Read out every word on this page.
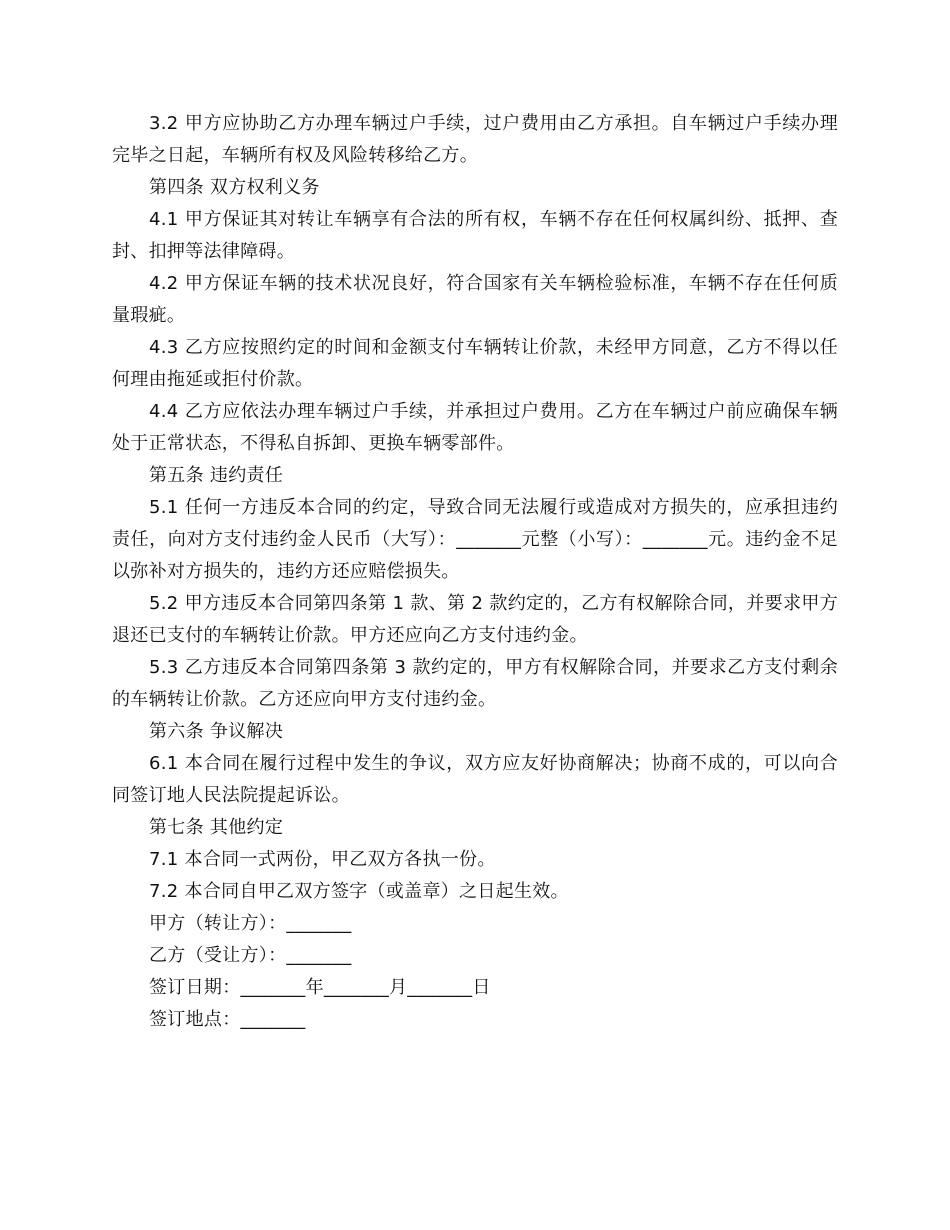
3.2 甲方应协助乙方办理车辆过户手续，过户费用由乙方承担。自车辆过户手续办理完毕之日起，车辆所有权及风险转移给乙方。

第四条 双方权利义务

4.1 甲方保证其对转让车辆享有合法的所有权，车辆不存在任何权属纠纷、抵押、查封、扣押等法律障碍。

4.2 甲方保证车辆的技术状况良好，符合国家有关车辆检验标准，车辆不存在任何质量瑕疵。

4.3 乙方应按照约定的时间和金额支付车辆转让价款，未经甲方同意，乙方不得以任何理由拖延或拒付价款。

4.4 乙方应依法办理车辆过户手续，并承担过户费用。乙方在车辆过户前应确保车辆处于正常状态，不得私自拆卸、更换车辆零部件。

第五条 违约责任

5.1 任何一方违反本合同的约定，导致合同无法履行或造成对方损失的，应承担违约责任，向对方支付违约金人民币（大写）：_______元整（小写）：_______元。违约金不足以弥补对方损失的，违约方还应赔偿损失。

5.2 甲方违反本合同第四条第 1 款、第 2 款约定的，乙方有权解除合同，并要求甲方退还已支付的车辆转让价款。甲方还应向乙方支付违约金。

5.3 乙方违反本合同第四条第 3 款约定的，甲方有权解除合同，并要求乙方支付剩余的车辆转让价款。乙方还应向甲方支付违约金。

第六条 争议解决

6.1 本合同在履行过程中发生的争议，双方应友好协商解决；协商不成的，可以向合同签订地人民法院提起诉讼。

第七条 其他约定

7.1 本合同一式两份，甲乙双方各执一份。

7.2 本合同自甲乙双方签字（或盖章）之日起生效。

甲方（转让方）：_______

乙方（受让方）：_______

签订日期：_______年_______月_______日

签订地点：_______
